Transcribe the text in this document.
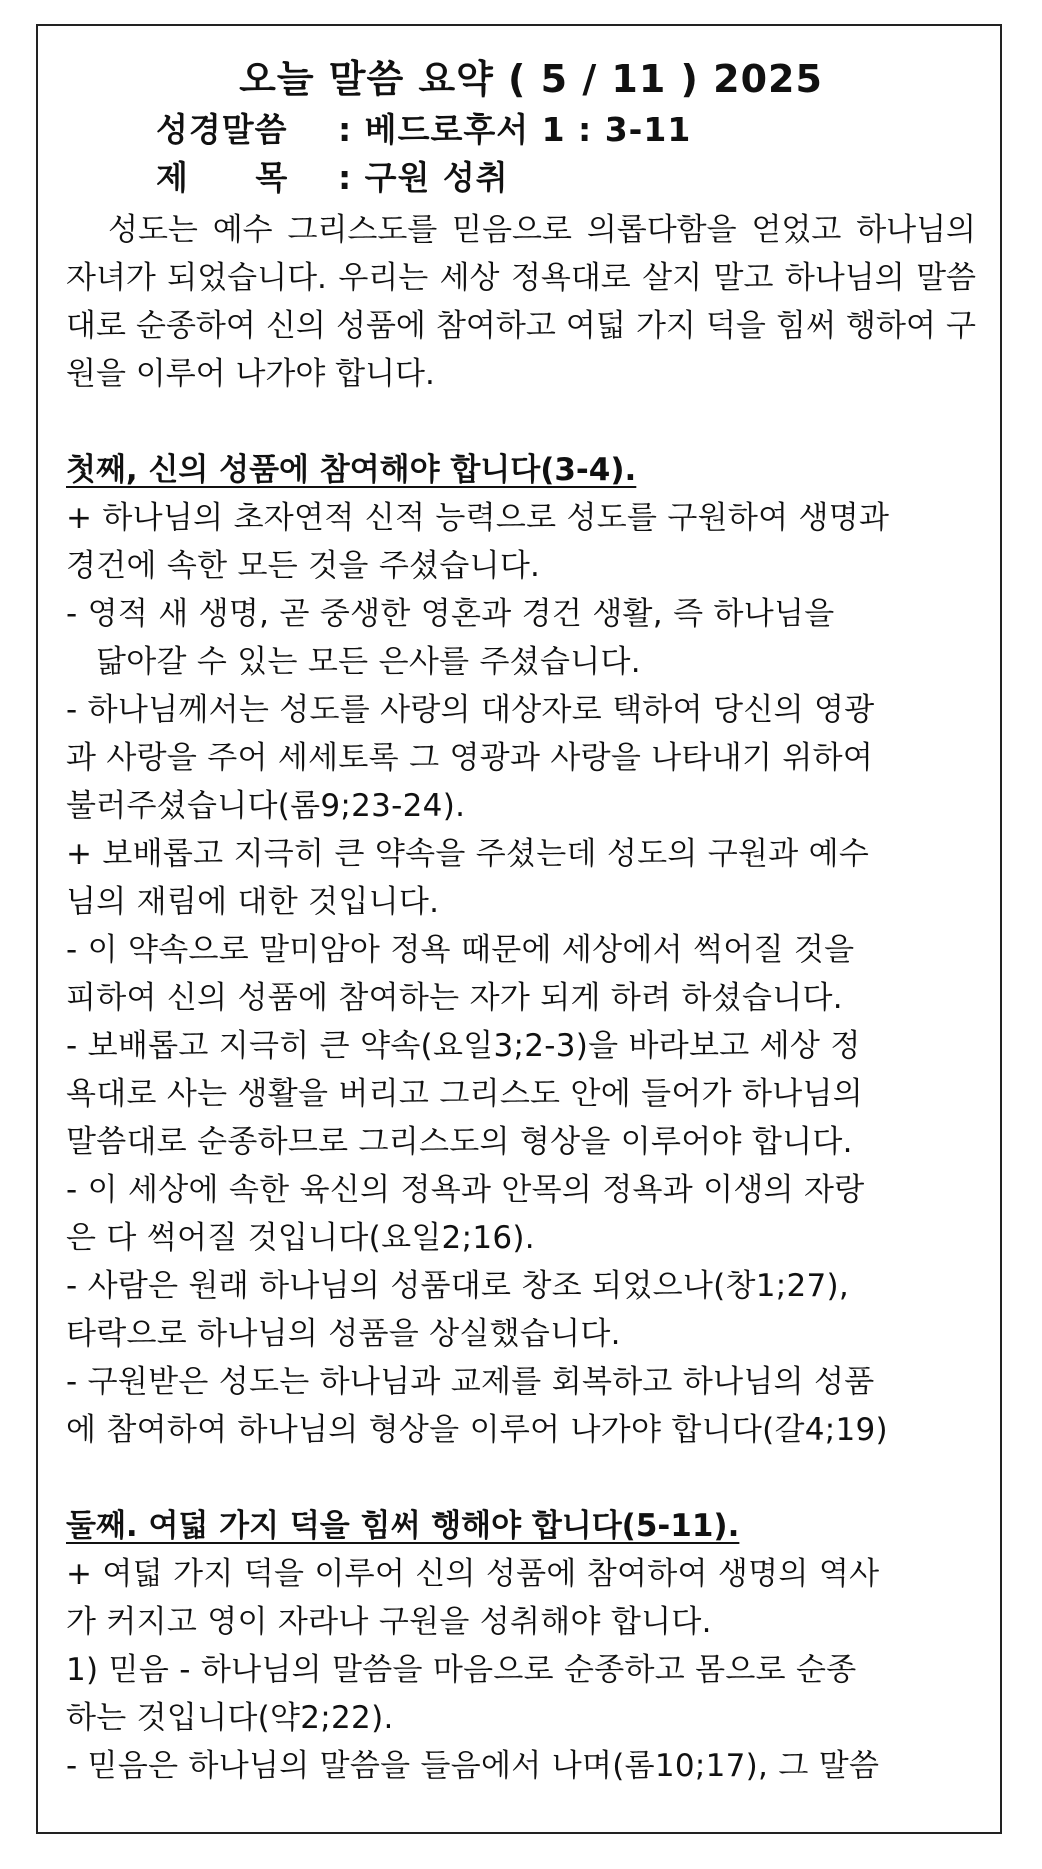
오늘 말씀 요약 ( 5 / 11 ) 2025
성경말씀 : 베드로후서 1 : 3-11
제 목 : 구원 성취
성도는 예수 그리스도를 믿음으로 의롭다함을 얻었고 하나님의 자녀가 되었습니다. 우리는 세상 정욕대로 살지 말고 하나님의 말씀대로 순종하여 신의 성품에 참여하고 여덟 가지 덕을 힘써 행하여 구원을 이루어 나가야 합니다.
첫째, 신의 성품에 참여해야 합니다(3-4).
+ 하나님의 초자연적 신적 능력으로 성도를 구원하여 생명과
경건에 속한 모든 것을 주셨습니다.
- 영적 새 생명, 곧 중생한 영혼과 경건 생활, 즉 하나님을
닮아갈 수 있는 모든 은사를 주셨습니다.
- 하나님께서는 성도를 사랑의 대상자로 택하여 당신의 영광
과 사랑을 주어 세세토록 그 영광과 사랑을 나타내기 위하여
불러주셨습니다(롬9;23-24).
+ 보배롭고 지극히 큰 약속을 주셨는데 성도의 구원과 예수
님의 재림에 대한 것입니다.
- 이 약속으로 말미암아 정욕 때문에 세상에서 썩어질 것을
피하여 신의 성품에 참여하는 자가 되게 하려 하셨습니다.
- 보배롭고 지극히 큰 약속(요일3;2-3)을 바라보고 세상 정
욕대로 사는 생활을 버리고 그리스도 안에 들어가 하나님의
말씀대로 순종하므로 그리스도의 형상을 이루어야 합니다.
- 이 세상에 속한 육신의 정욕과 안목의 정욕과 이생의 자랑
은 다 썩어질 것입니다(요일2;16).
- 사람은 원래 하나님의 성품대로 창조 되었으나(창1;27),
타락으로 하나님의 성품을 상실했습니다.
- 구원받은 성도는 하나님과 교제를 회복하고 하나님의 성품
에 참여하여 하나님의 형상을 이루어 나가야 합니다(갈4;19)
둘째. 여덟 가지 덕을 힘써 행해야 합니다(5-11).
+ 여덟 가지 덕을 이루어 신의 성품에 참여하여 생명의 역사
가 커지고 영이 자라나 구원을 성취해야 합니다.
1) 믿음 - 하나님의 말씀을 마음으로 순종하고 몸으로 순종
하는 것입니다(약2;22).
- 믿음은 하나님의 말씀을 들음에서 나며(롬10;17), 그 말씀
